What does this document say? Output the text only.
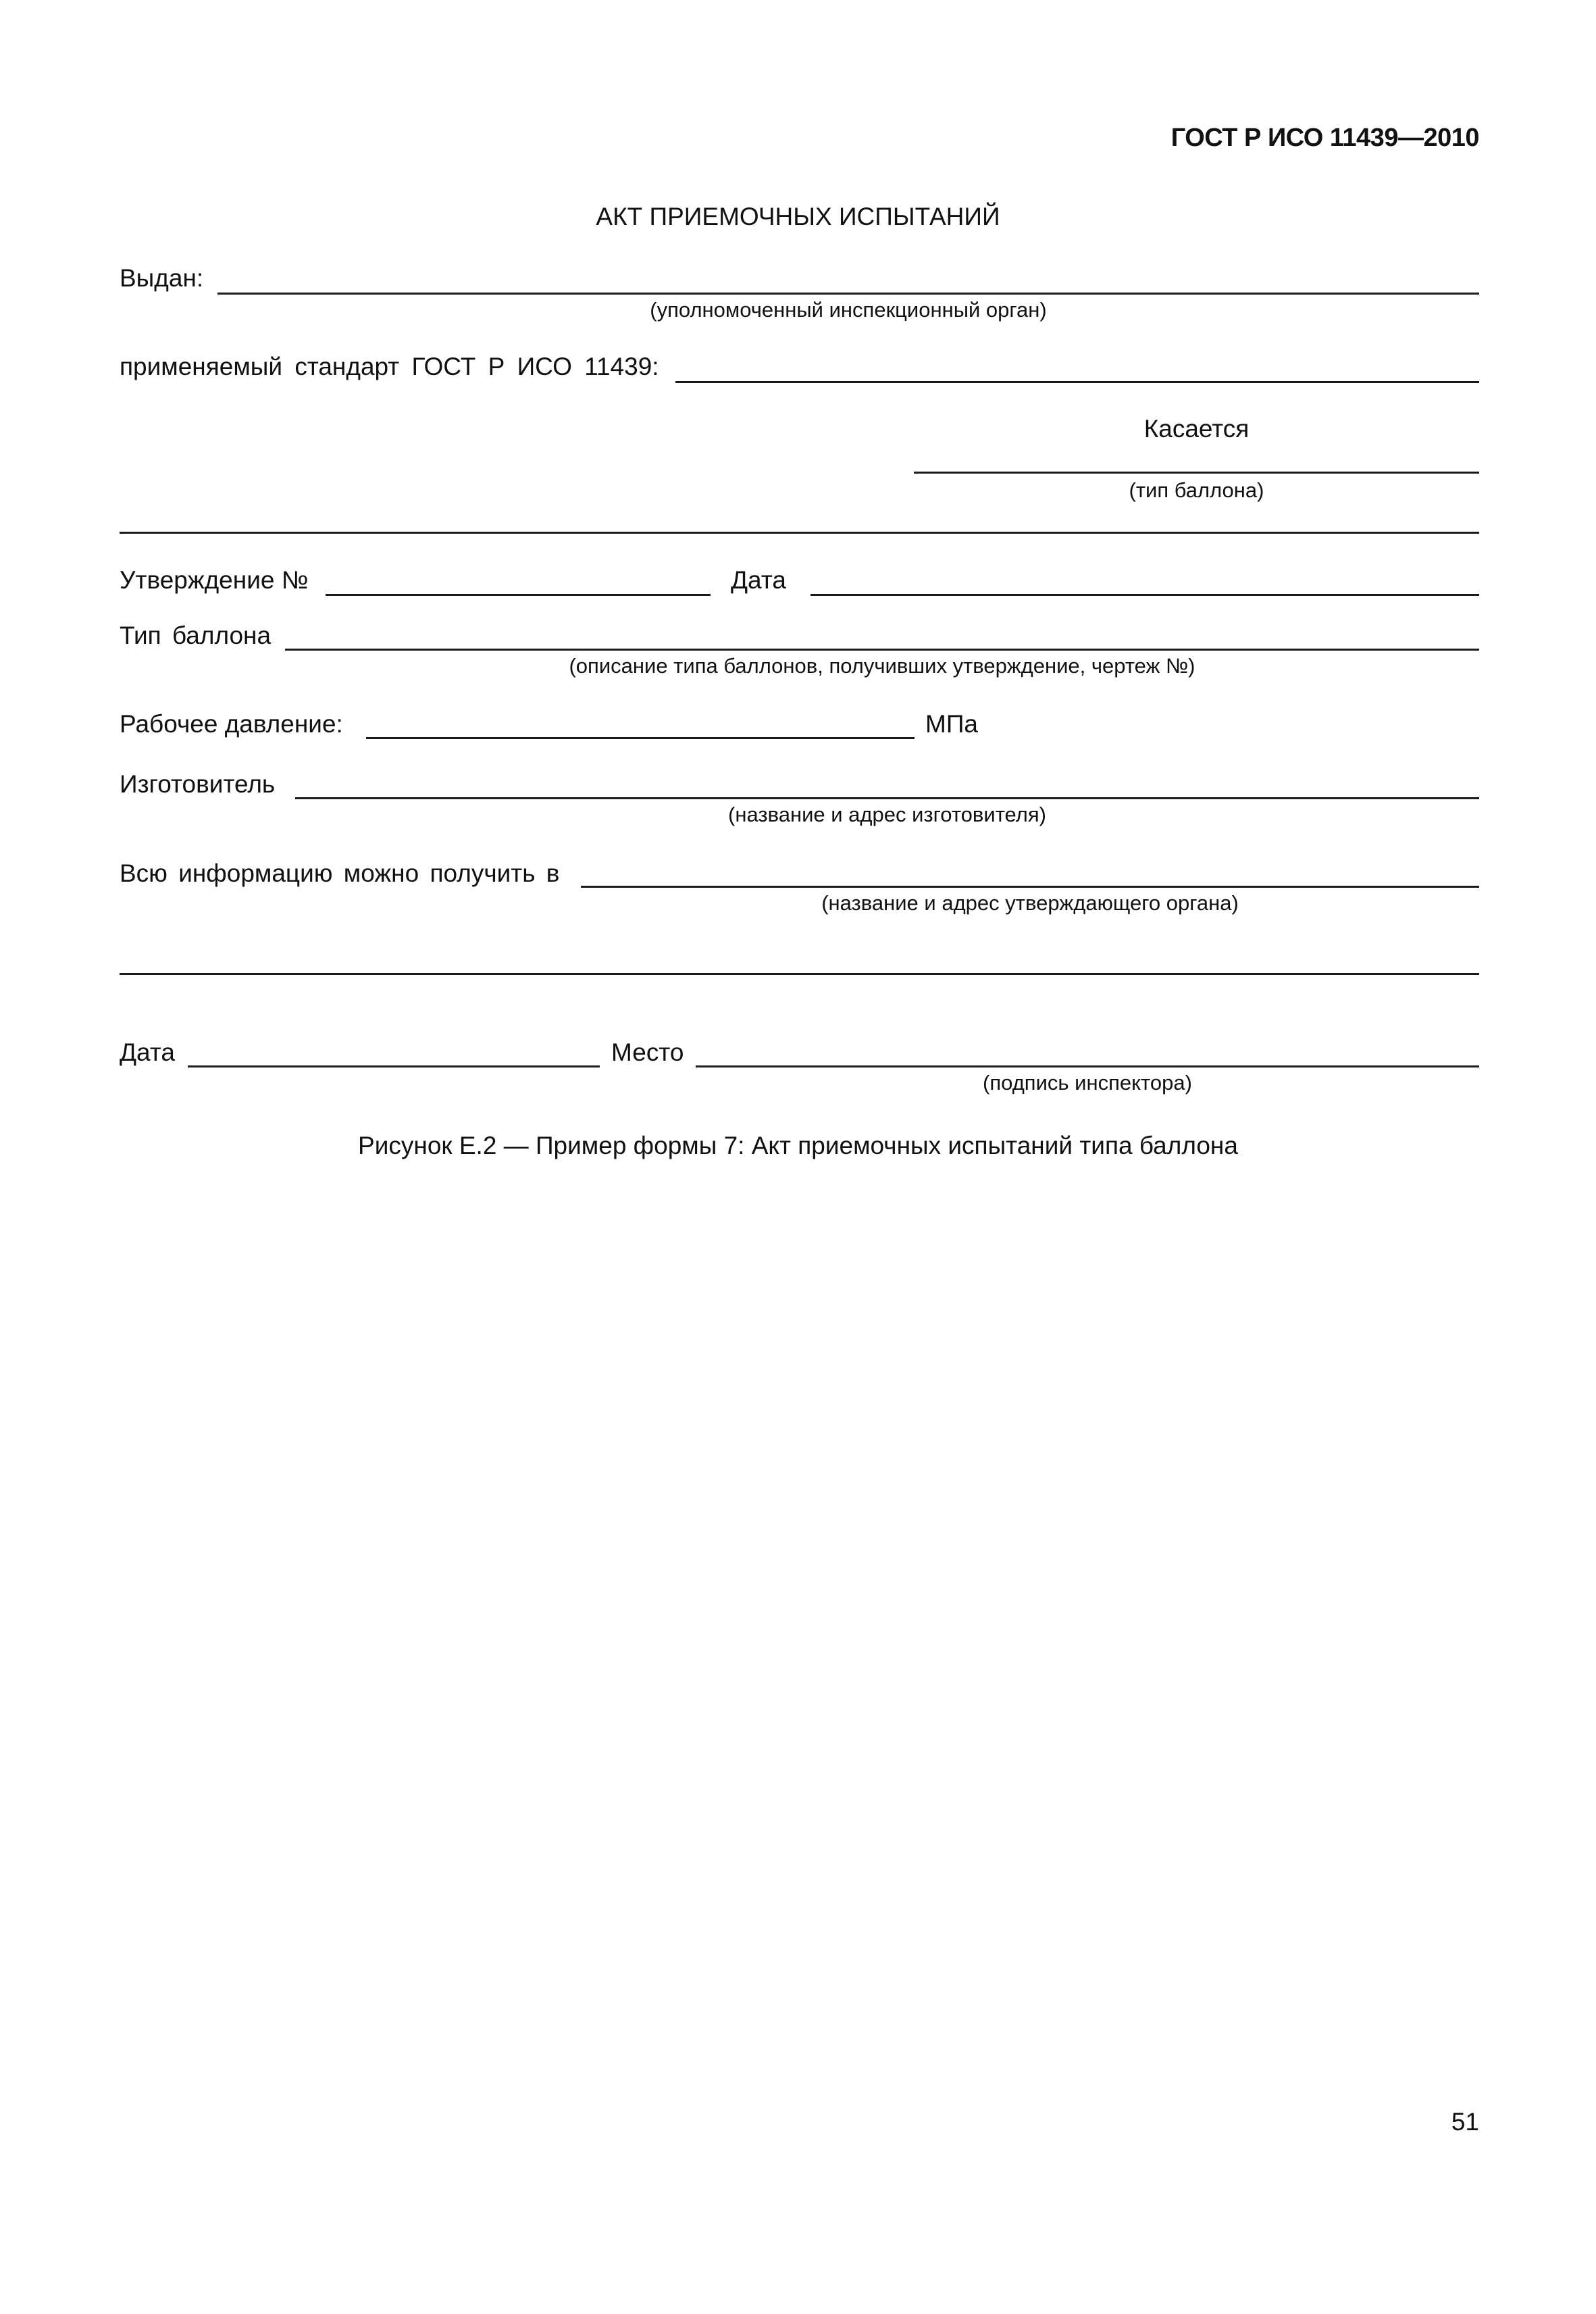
ГОСТ Р ИСО 11439—2010
АКТ ПРИЕМОЧНЫХ ИСПЫТАНИЙ
Выдан:
(уполномоченный инспекционный орган)
применяемый стандарт ГОСТ Р ИСО 11439:
Касается
(тип баллона)
Утверждение №	Дата
Тип баллона
(описание типа баллонов, получивших утверждение, чертеж №)
Рабочее давление:	МПа
Изготовитель
(название и адрес изготовителя)
Всю информацию можно получить в
(название и адрес утверждающего органа)
Дата	Место
(подпись инспектора)
Рисунок Е.2 — Пример формы 7: Акт приемочных испытаний типа баллона
51
